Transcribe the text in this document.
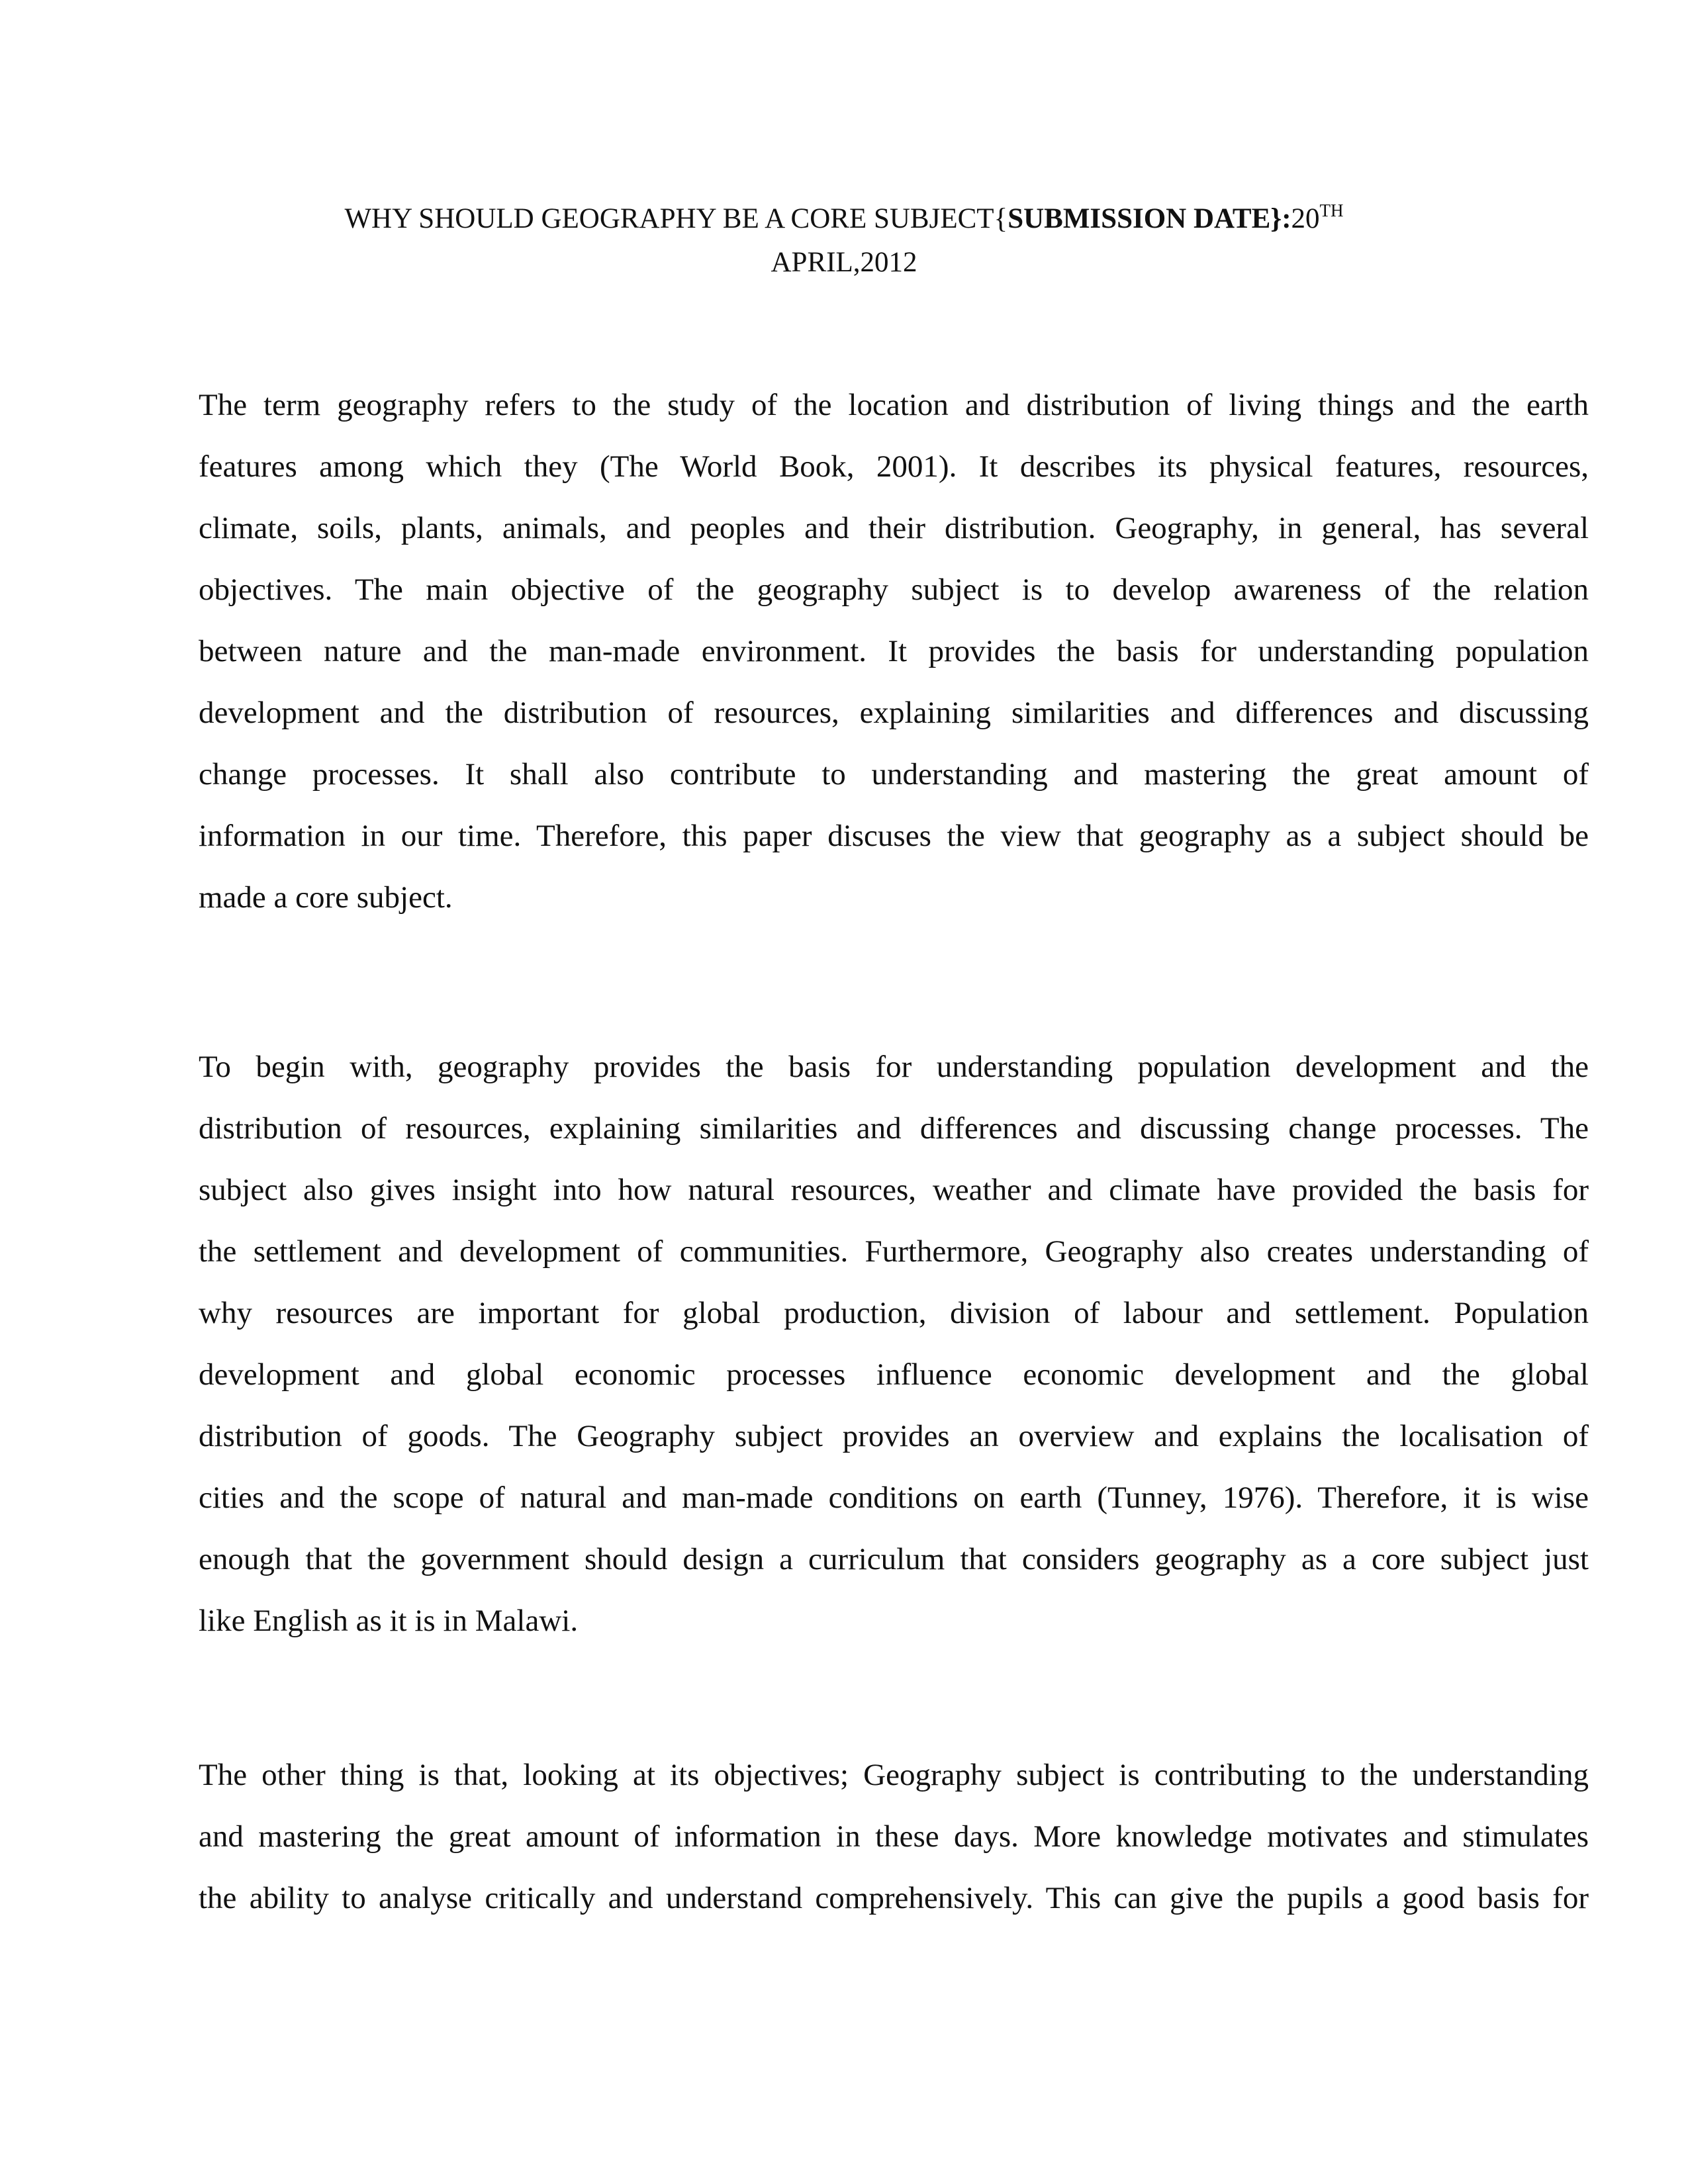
WHY SHOULD GEOGRAPHY BE A CORE SUBJECT{SUBMISSION DATE}:20TH
APRIL,2012
The term geography refers to the study of the location and distribution of living things and the earth
features among which they (The World Book, 2001). It describes its physical features, resources,
climate, soils, plants, animals, and peoples and their distribution. Geography, in general, has several
objectives. The main objective of the geography subject is to develop awareness of the relation
between nature and the man-made environment. It provides the basis for understanding population
development and the distribution of resources, explaining similarities and differences and discussing
change processes. It shall also contribute to understanding and mastering the great amount of
information in our time. Therefore, this paper discuses the view that geography as a subject should be
made a core subject.
To begin with, geography provides the basis for understanding population development and the
distribution of resources, explaining similarities and differences and discussing change processes. The
subject also gives insight into how natural resources, weather and climate have provided the basis for
the settlement and development of communities. Furthermore, Geography also creates understanding of
why resources are important for global production, division of labour and settlement. Population
development and global economic processes influence economic development and the global
distribution of goods. The Geography subject provides an overview and explains the localisation of
cities and the scope of natural and man-made conditions on earth (Tunney, 1976). Therefore, it is wise
enough that the government should design a curriculum that considers geography as a core subject just
like English as it is in Malawi.
The other thing is that, looking at its objectives; Geography subject is contributing to the understanding
and mastering the great amount of information in these days. More knowledge motivates and stimulates
the ability to analyse critically and understand comprehensively. This can give the pupils a good basis for
